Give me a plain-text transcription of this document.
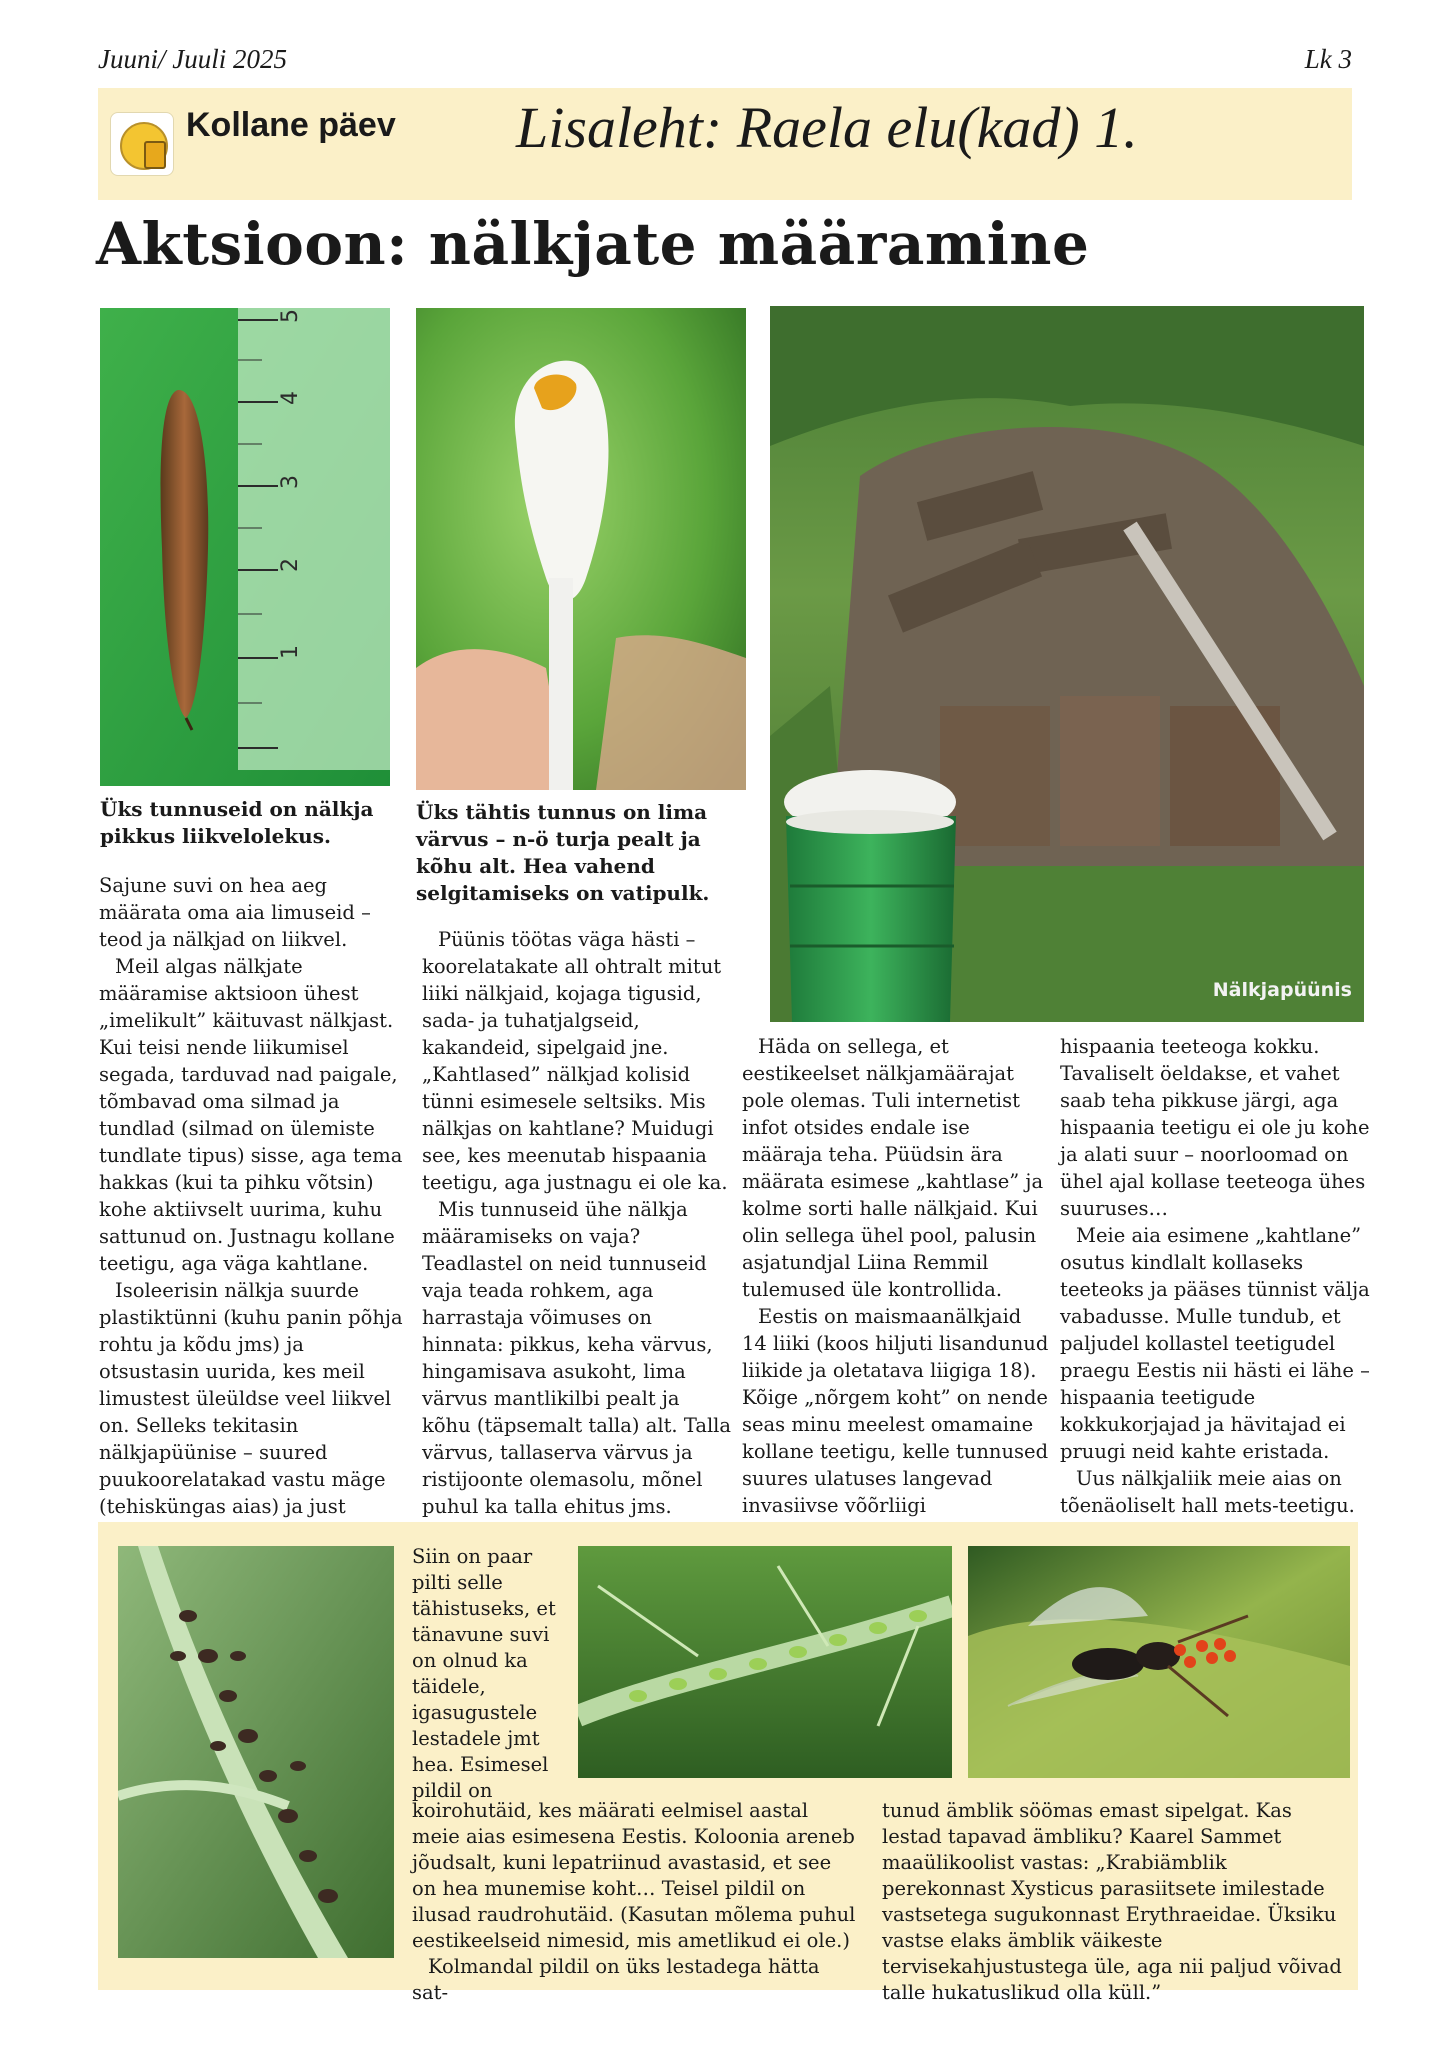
Juuni/ Juuli 2025	Lk 3
Kollane päev Lisaleht: Raela elu(kad) 1.
Aktsioon: nälkjate määramine
1
2
3
4
5
Nälkjapüünis
Üks tunnuseid on nälkja pikkus liikvelolekus.
Üks tähtis tunnus on lima värvus – n-ö turja pealt ja kõhu alt. Hea vahend selgitamiseks on vatipulk.

Sajune suvi on hea aeg määrata oma aia limuseid – teod ja nälkjad on liikvel.

Meil algas nälkjate määramise aktsioon ühest „imelikult” käituvast nälkjast. Kui teisi nende liikumisel segada, tarduvad nad paigale, tõmbavad oma silmad ja tundlad (silmad on ülemiste tundlate tipus) sisse, aga tema hakkas (kui ta pihku võtsin) kohe aktiivselt uurima, kuhu sattunud on. Justnagu kollane teetigu, aga väga kahtlane.

Isoleerisin nälkja suurde plastiktünni (kuhu panin põhja rohtu ja kõdu jms) ja otsustasin uurida, kes meil limustest üleüldse veel liikvel on. Selleks tekitasin nälkjapüünise – suured puukoorelatakad vastu mäge (tehisküngas aias) ja just

Püünis töötas väga hästi – koorelatakate all ohtralt mitut liiki nälkjaid, kojaga tigusid, sada- ja tuhatjalgseid, kakandeid, sipelgaid jne. „Kahtlased” nälkjad kolisid tünni esimesele seltsiks. Mis nälkjas on kahtlane? Muidugi see, kes meenutab hispaania teetigu, aga justnagu ei ole ka.

Mis tunnuseid ühe nälkja määramiseks on vaja? Teadlastel on neid tunnuseid vaja teada rohkem, aga harrastaja võimuses on hinnata: pikkus, keha värvus, hingamisava asukoht, lima värvus mantlikilbi pealt ja kõhu (täpsemalt talla) alt. Talla värvus, tallaserva värvus ja ristijoonte olemasolu, mõnel puhul ka talla ehitus jms.

Häda on sellega, et eestikeelset nälkjamäärajat pole olemas. Tuli internetist infot otsides endale ise määraja teha. Püüdsin ära määrata esimese „kahtlase” ja kolme sorti halle nälkjaid. Kui olin sellega ühel pool, palusin asjatundjal Liina Remmil tulemused üle kontrollida.

Eestis on maismaanälkjaid 14 liiki (koos hiljuti lisandunud liikide ja oletatava liigiga 18). Kõige „nõrgem koht” on nende seas minu meelest omamaine kollane teetigu, kelle tunnused suures ulatuses langevad invasiivse võõrliigi

hispaania teeteoga kokku. Tavaliselt öeldakse, et vahet saab teha pikkuse järgi, aga hispaania teetigu ei ole ju kohe ja alati suur – noorloomad on ühel ajal kollase teeteoga ühes suuruses…

Meie aia esimene „kahtlane” osutus kindlalt kollaseks teeteoks ja pääses tünnist välja vabadusse. Mulle tundub, et paljudel kollastel teetigudel praegu Eestis nii hästi ei lähe – hispaania teetigude kokkukorjajad ja hävitajad ei pruugi neid kahte eristada.

Uus nälkjaliik meie aias on tõenäoliselt hall mets-teetigu.

Siin on paar pilti selle tähistuseks, et tänavune suvi on olnud ka täidele, igasugustele lestadele jmt hea. Esimesel pildil on

koirohutäid, kes määrati eelmisel aastal meie aias esimesena Eestis. Koloonia areneb jõudsalt, kuni lepatriinud avastasid, et see on hea munemise koht… Teisel pildil on ilusad raudrohutäid. (Kasutan mõlema puhul eestikeelseid nimesid, mis ametlikud ei ole.)

Kolmandal pildil on üks lestadega hätta sat-

tunud ämblik söömas emast sipelgat. Kas lestad tapavad ämbliku? Kaarel Sammet maaülikoolist vastas: „Krabiämblik perekonnast Xysticus parasiitsete imilestade vastsetega sugukonnast Erythraeidae. Üksiku vastse elaks ämblik väikeste tervisekahjustustega üle, aga nii paljud võivad talle hukatuslikud olla küll.”
